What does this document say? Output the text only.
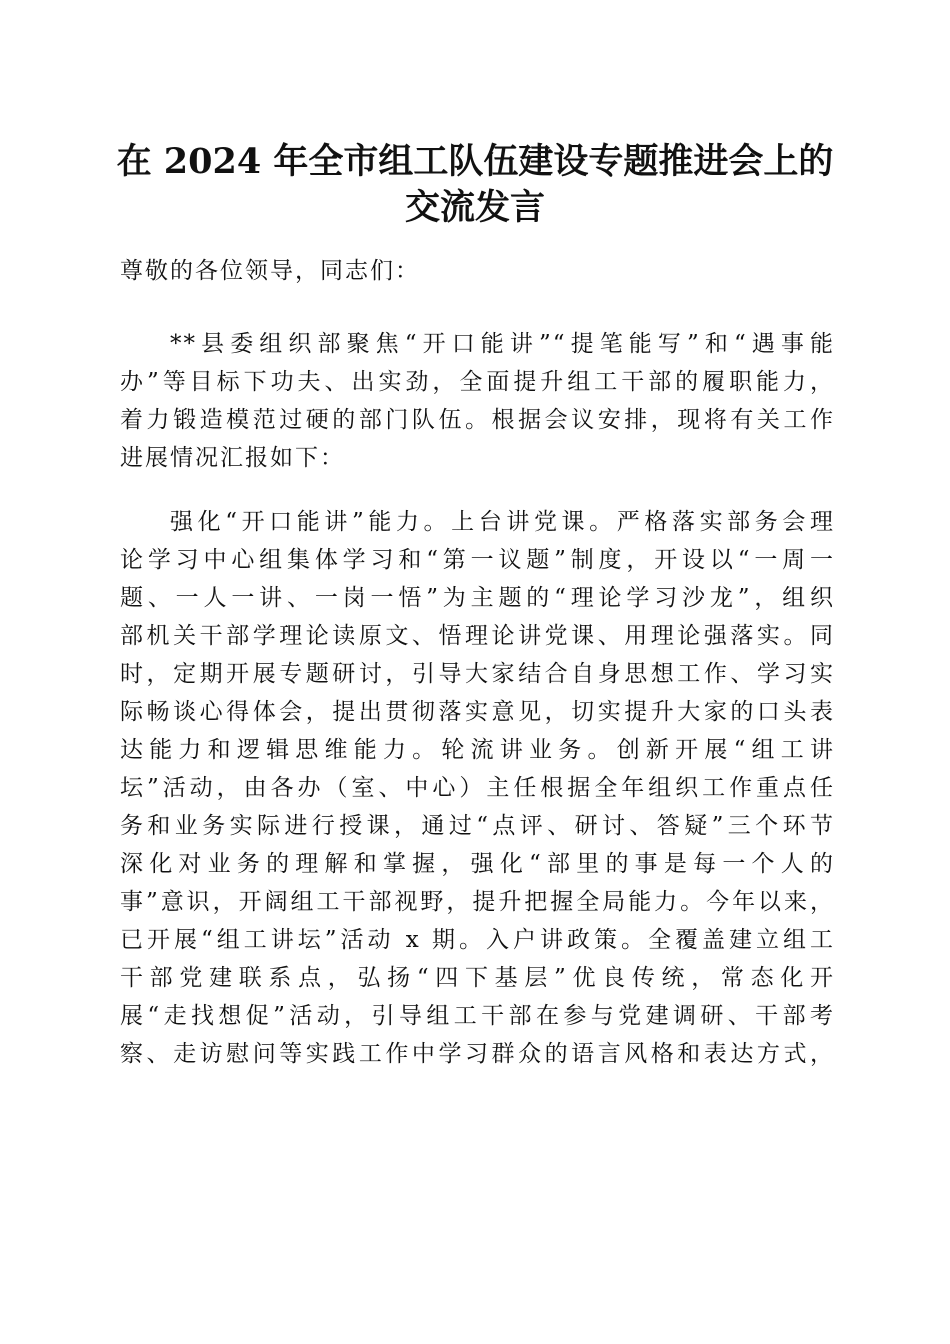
在 2024 年全市组工队伍建设专题推进会上的
交流发言

尊敬的各位领导，同志们：

**县委组织部聚焦“开口能讲”“提笔能写”和“遇事能
办”等目标下功夫、出实劲，全面提升组工干部的履职能力，
着力锻造模范过硬的部门队伍。根据会议安排，现将有关工作
进展情况汇报如下：
强化“开口能讲”能力。上台讲党课。严格落实部务会理
论学习中心组集体学习和“第一议题”制度，开设以“一周一
题、一人一讲、一岗一悟”为主题的“理论学习沙龙”，组织
部机关干部学理论读原文、悟理论讲党课、用理论强落实。同
时，定期开展专题研讨，引导大家结合自身思想工作、学习实
际畅谈心得体会，提出贯彻落实意见，切实提升大家的口头表
达能力和逻辑思维能力。轮流讲业务。创新开展“组工讲
坛”活动，由各办（室、中心）主任根据全年组织工作重点任
务和业务实际进行授课，通过“点评、研讨、答疑”三个环节
深化对业务的理解和掌握，强化“部里的事是每一个人的
事”意识，开阔组工干部视野，提升把握全局能力。今年以来，
已开展“组工讲坛”活动 x 期。入户讲政策。全覆盖建立组工
干部党建联系点，弘扬“四下基层”优良传统，常态化开
展“走找想促”活动，引导组工干部在参与党建调研、干部考
察、走访慰问等实践工作中学习群众的语言风格和表达方式，
